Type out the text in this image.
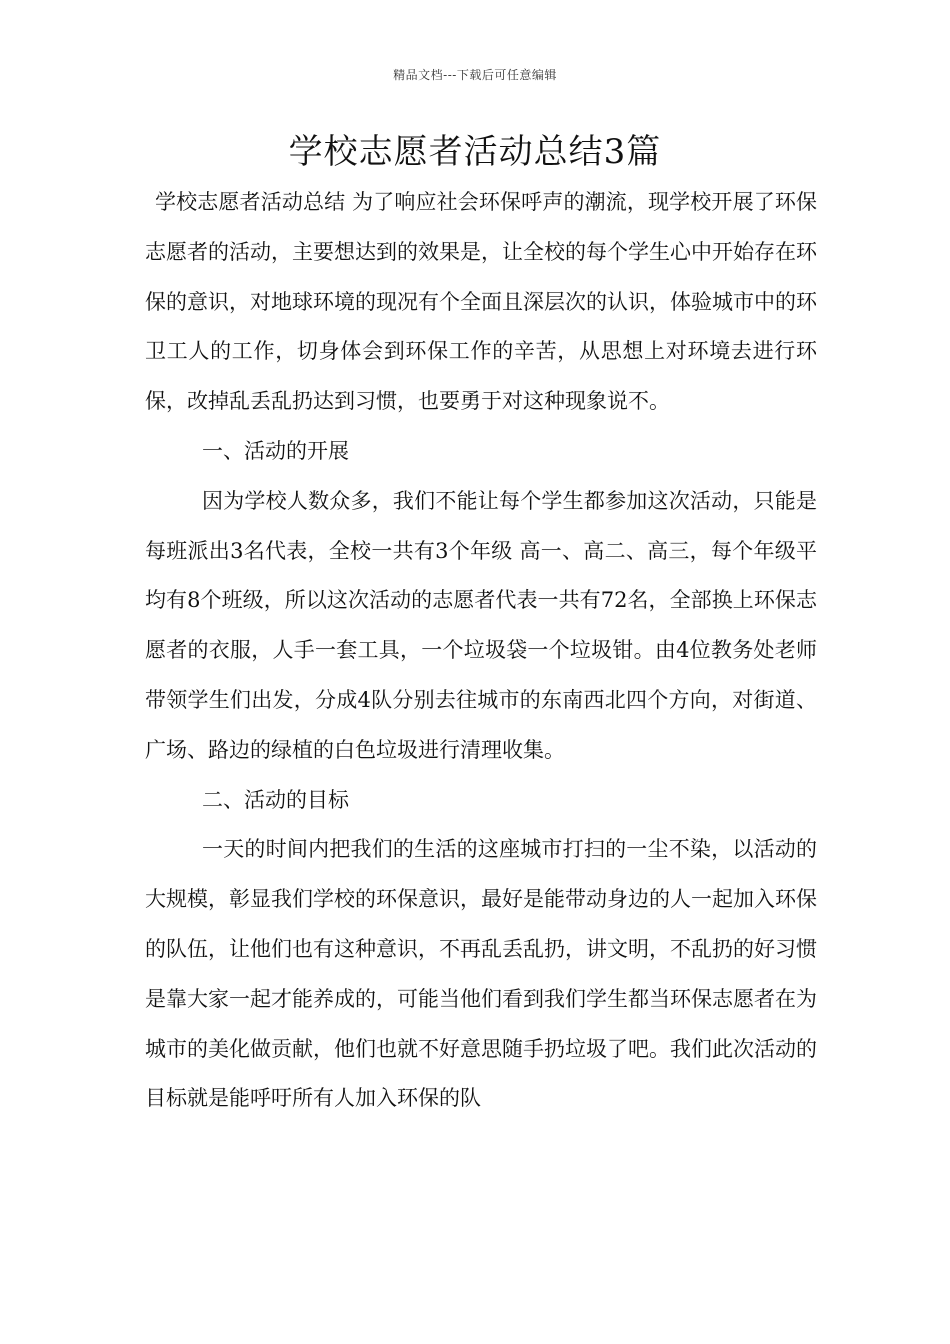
精品文档---下载后可任意编辑
学校志愿者活动总结3篇

学校志愿者活动总结 为了响应社会环保呼声的潮流，现学校开展了环保志愿者的活动，主要想达到的效果是，让全校的每个学生心中开始存在环保的意识，对地球环境的现况有个全面且深层次的认识，体验城市中的环卫工人的工作，切身体会到环保工作的辛苦，从思想上对环境去进行环保，改掉乱丢乱扔达到习惯，也要勇于对这种现象说不。

一、活动的开展

因为学校人数众多，我们不能让每个学生都参加这次活动，只能是每班派出3名代表，全校一共有3个年级 高一、高二、高三，每个年级平均有8个班级，所以这次活动的志愿者代表一共有72名，全部换上环保志愿者的衣服，人手一套工具，一个垃圾袋一个垃圾钳。由4位教务处老师带领学生们出发，分成4队分别去往城市的东南西北四个方向，对街道、广场、路边的绿植的白色垃圾进行清理收集。

二、活动的目标

一天的时间内把我们的生活的这座城市打扫的一尘不染，以活动的大规模，彰显我们学校的环保意识，最好是能带动身边的人一起加入环保的队伍，让他们也有这种意识，不再乱丢乱扔，讲文明，不乱扔的好习惯是靠大家一起才能养成的，可能当他们看到我们学生都当环保志愿者在为城市的美化做贡献，他们也就不好意思随手扔垃圾了吧。我们此次活动的目标就是能呼吁所有人加入环保的队
